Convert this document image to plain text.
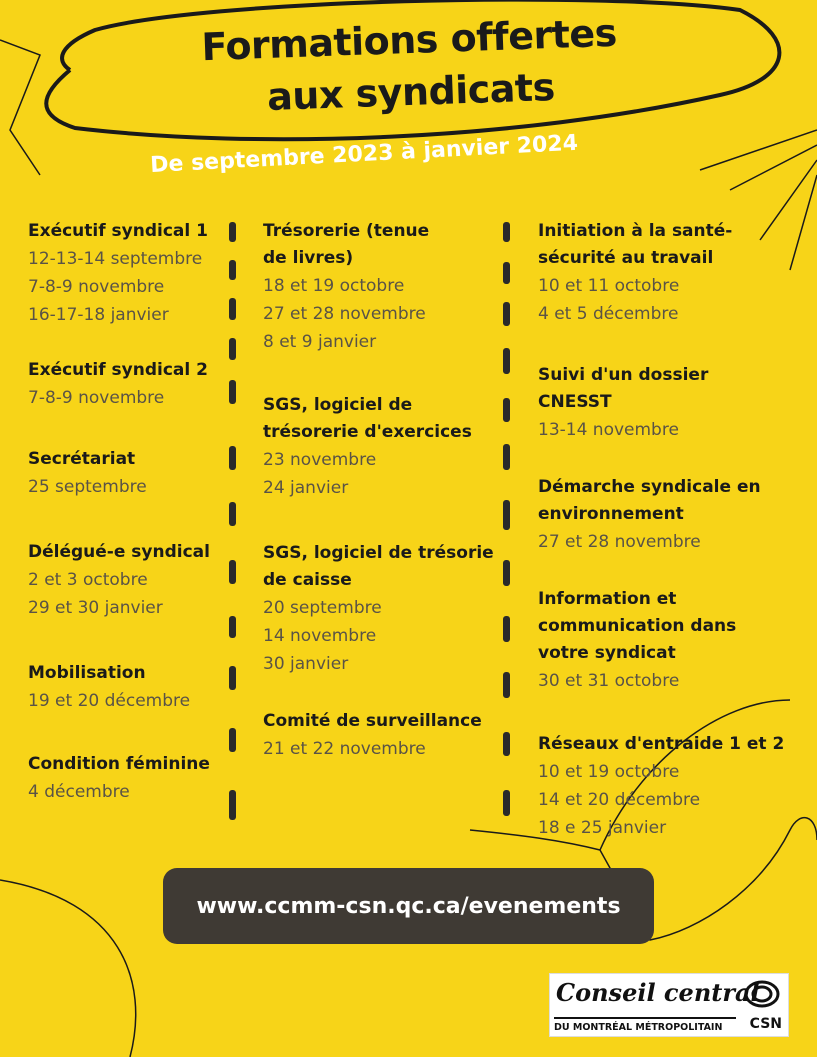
Formations offertes
aux syndicats
De septembre 2023 à janvier 2024
Exécutif syndical 1
12-13-14 septembre
7-8-9 novembre
16-17-18 janvier
Exécutif syndical 2
7-8-9 novembre
Secrétariat
25 septembre
Délégué-e syndical
2 et 3 octobre
29 et 30 janvier
Mobilisation
19 et 20 décembre
Condition féminine
4 décembre
Trésorerie (tenue de livres)
18 et 19 octobre
27 et 28 novembre
8 et 9 janvier
SGS, logiciel de trésorerie d'exercices
23 novembre
24 janvier
SGS, logiciel de trésorie de caisse
20 septembre
14 novembre
30 janvier
Comité de surveillance
21 et 22 novembre
Initiation à la santé-sécurité au travail
10 et 11 octobre
4 et 5 décembre
Suivi d'un dossier CNESST
13-14 novembre
Démarche syndicale en environnement
27 et 28 novembre
Information et communication dans votre syndicat
30 et 31 octobre
Réseaux d'entraide 1 et 2
10 et 19 octobre
14 et 20 décembre
18 e 25 janvier
www.ccmm-csn.qc.ca/evenements
Conseil central
DU MONTRÉAL MÉTROPOLITAIN	CSN
